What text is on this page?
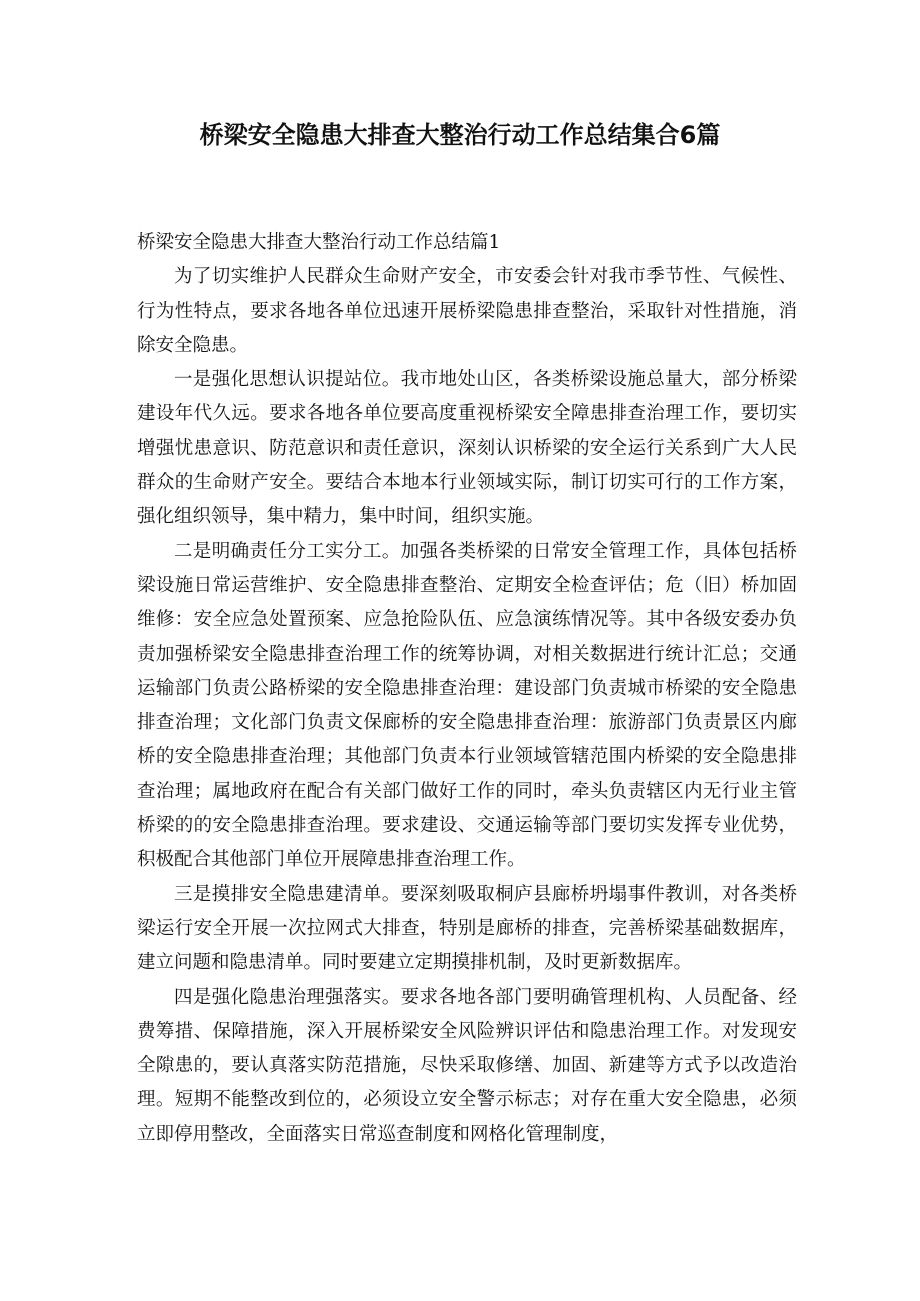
桥梁安全隐患大排查大整治行动工作总结集合6篇

桥梁安全隐患大排查大整治行动工作总结篇1

为了切实维护人民群众生命财产安全，市安委会针对我市季节性、气候性、行为性特点，要求各地各单位迅速开展桥梁隐患排查整治，采取针对性措施，消除安全隐患。

一是强化思想认识提站位。我市地处山区，各类桥梁设施总量大，部分桥梁建设年代久远。要求各地各单位要高度重视桥梁安全障患排查治理工作，要切实增强忧患意识、防范意识和责任意识，深刻认识桥梁的安全运行关系到广大人民群众的生命财产安全。要结合本地本行业领域实际，制订切实可行的工作方案，强化组织领导，集中精力，集中时间，组织实施。

二是明确责任分工实分工。加强各类桥梁的日常安全管理工作，具体包括桥梁设施日常运营维护、安全隐患排查整治、定期安全检查评估；危（旧）桥加固维修：安全应急处置预案、应急抢险队伍、应急演练情况等。其中各级安委办负责加强桥梁安全隐患排查治理工作的统筹协调，对相关数据进行统计汇总；交通运输部门负责公路桥梁的安全隐患排查治理：建设部门负责城市桥梁的安全隐患排查治理；文化部门负责文保廊桥的安全隐患排查治理：旅游部门负责景区内廊桥的安全隐患排查治理；其他部门负责本行业领域管辖范围内桥梁的安全隐患排查治理；属地政府在配合有关部门做好工作的同时，牵头负责辖区内无行业主管桥梁的的安全隐患排查治理。要求建设、交通运输等部门要切实发挥专业优势，积极配合其他部门单位开展障患排查治理工作。

三是摸排安全隐患建清单。要深刻吸取桐庐县廊桥坍塌事件教训，对各类桥梁运行安全开展一次拉网式大排查，特别是廊桥的排查，完善桥梁基础数据库，建立问题和隐患清单。同时要建立定期摸排机制，及时更新数据库。

四是强化隐患治理强落实。要求各地各部门要明确管理机构、人员配备、经费筹措、保障措施，深入开展桥梁安全风险辨识评估和隐患治理工作。对发现安全隙患的，要认真落实防范措施，尽快采取修缮、加固、新建等方式予以改造治理。短期不能整改到位的，必须设立安全警示标志；对存在重大安全隐患，必须立即停用整改，全面落实日常巡查制度和网格化管理制度，
